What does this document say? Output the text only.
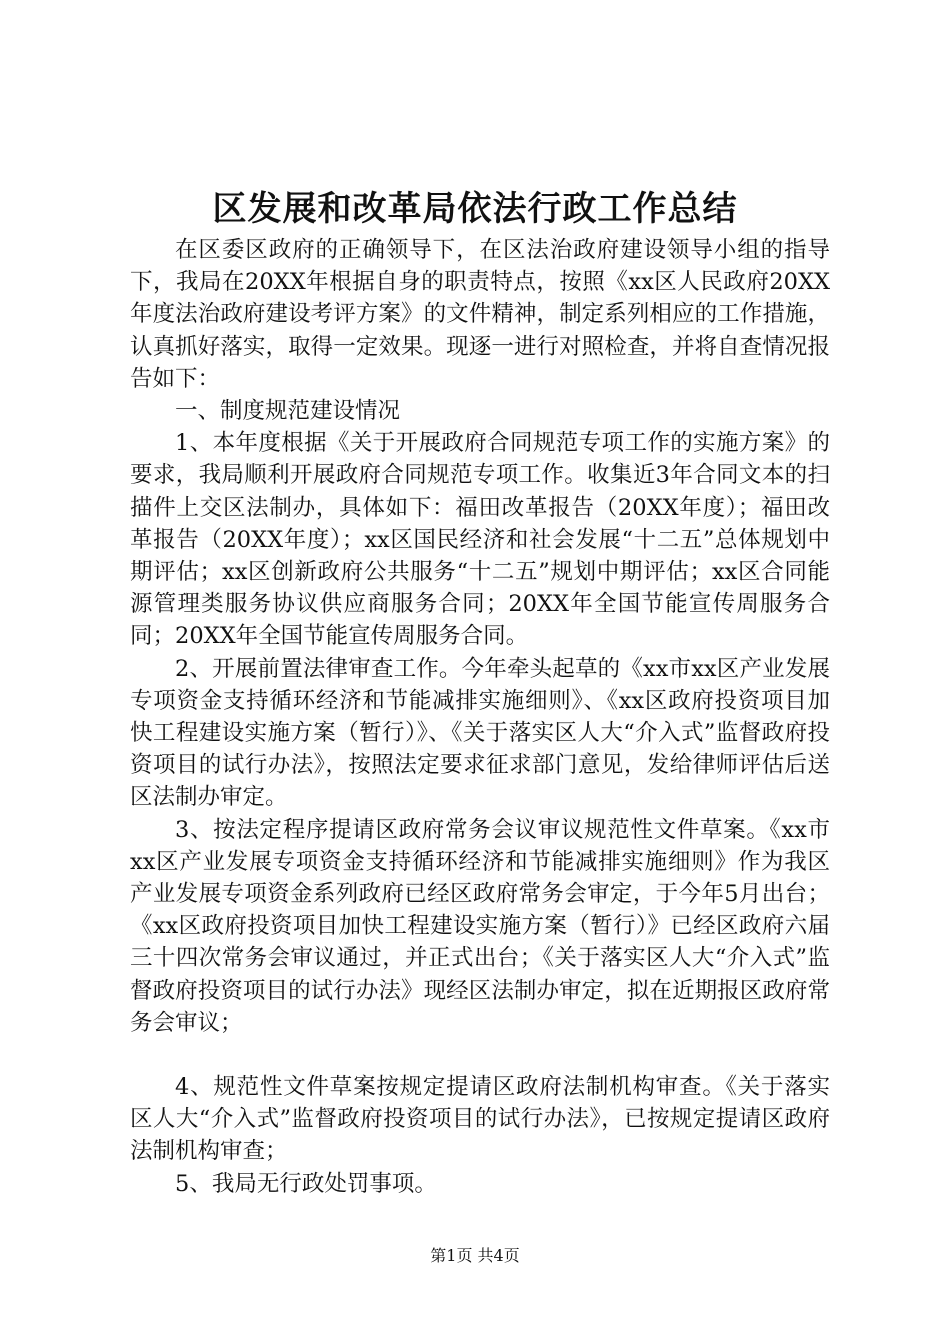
区发展和改革局依法行政工作总结

在区委区政府的正确领导下，在区法治政府建设领导小组的指导下，我局在20XX年根据自身的职责特点，按照《xx区人民政府20XX年度法治政府建设考评方案》的文件精神，制定系列相应的工作措施，认真抓好落实，取得一定效果。现逐一进行对照检查，并将自查情况报告如下：

一、制度规范建设情况

1、本年度根据《关于开展政府合同规范专项工作的实施方案》的要求，我局顺利开展政府合同规范专项工作。收集近3年合同文本的扫描件上交区法制办，具体如下：福田改革报告（20XX年度）；福田改革报告（20XX年度）；xx区国民经济和社会发展“十二五”总体规划中期评估；xx区创新政府公共服务“十二五”规划中期评估；xx区合同能源管理类服务协议供应商服务合同；20XX年全国节能宣传周服务合同；20XX年全国节能宣传周服务合同。

2、开展前置法律审查工作。今年牵头起草的《xx市xx区产业发展专项资金支持循环经济和节能减排实施细则》、《xx区政府投资项目加快工程建设实施方案（暂行）》、《关于落实区人大“介入式”监督政府投资项目的试行办法》，按照法定要求征求部门意见，发给律师评估后送区法制办审定。

3、按法定程序提请区政府常务会议审议规范性文件草案。《xx市xx区产业发展专项资金支持循环经济和节能减排实施细则》作为我区产业发展专项资金系列政府已经区政府常务会审定，于今年5月出台；《xx区政府投资项目加快工程建设实施方案（暂行）》已经区政府六届三十四次常务会审议通过，并正式出台；《关于落实区人大“介入式”监督政府投资项目的试行办法》现经区法制办审定，拟在近期报区政府常务会审议；

4、规范性文件草案按规定提请区政府法制机构审查。《关于落实区人大“介入式”监督政府投资项目的试行办法》，已按规定提请区政府法制机构审查；

5、我局无行政处罚事项。

第1页 共4页
